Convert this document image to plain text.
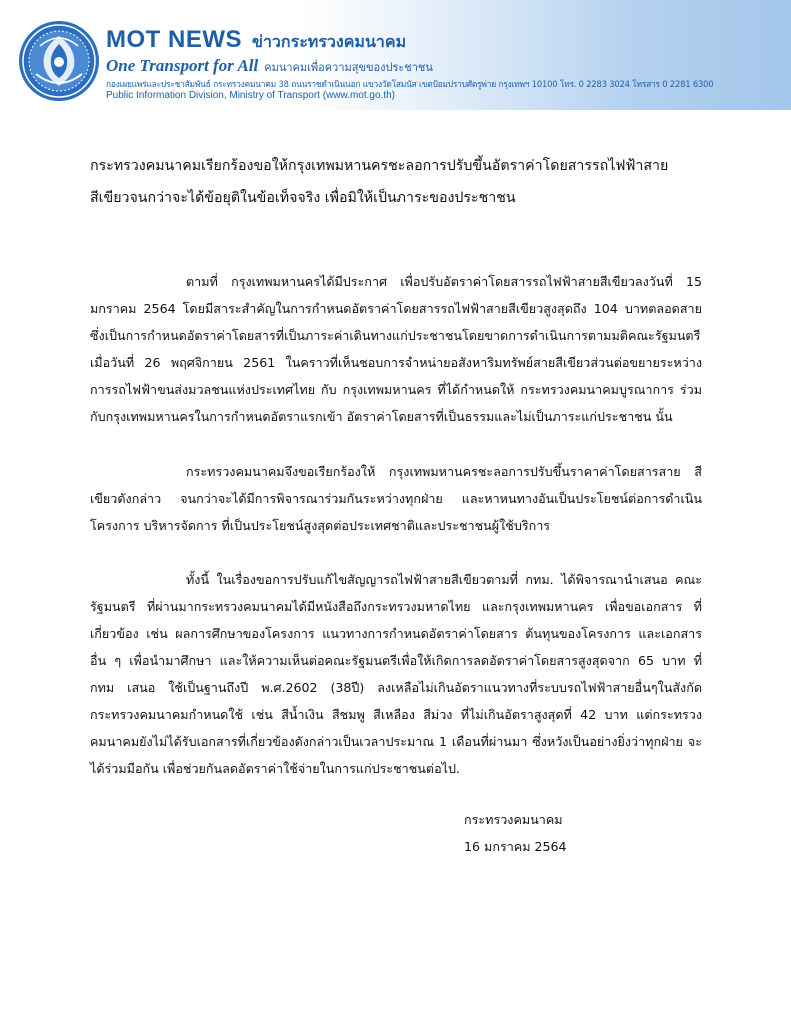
MOT NEWS ข่าวกระทรวงคมนาคม
One Transport for All คมนาคมเพื่อความสุขของประชาชน
กองเผยแพร่และประชาสัมพันธ์ กระทรวงคมนาคม 38 ถนนราชดำเนินนอก แขวงวัดโสมนัส เขตป้อมปราบศัตรูพ่าย กรุงเทพฯ 10100 โทร. 0 2283 3024 โทรสาร 0 2281 6300
Public Information Division, Ministry of Transport (www.mot.go.th)
กระทรวงคมนาคมเรียกร้องขอให้กรุงเทพมหานครชะลอการปรับขึ้นอัตราค่าโดยสารรถไฟฟ้าสาย
สีเขียวจนกว่าจะได้ข้อยุติในข้อเท็จจริง เพื่อมิให้เป็นภาระของประชาชน

ตามที่ กรุงเทพมหานครได้มีประกาศ เพื่อปรับอัตราค่าโดยสารรถไฟฟ้าสายสีเขียวลงวันที่ 15 มกราคม 2564 โดยมีสาระสำคัญในการกำหนดอัตราค่าโดยสารรถไฟฟ้าสายสีเขียวสูงสุดถึง 104 บาทตลอดสาย ซึ่งเป็นการกำหนดอัตราค่าโดยสารที่เป็นภาระค่าเดินทางแก่ประชาชนโดยขาดการดำเนินการตามมติคณะรัฐมนตรี เมื่อวันที่ 26 พฤศจิกายน 2561 ในคราวที่เห็นชอบการจำหน่ายอสังหาริมทรัพย์สายสีเขียวส่วนต่อขยายระหว่าง การรถไฟฟ้าขนส่งมวลชนแห่งประเทศไทย กับ กรุงเทพมหานคร ที่ได้กำหนดให้ กระทรวงคมนาคมบูรณาการ ร่วมกับกรุงเทพมหานครในการกำหนดอัตราแรกเข้า อัตราค่าโดยสารที่เป็นธรรมและไม่เป็นภาระแก่ประชาชน นั้น

กระทรวงคมนาคมจึงขอเรียกร้องให้ กรุงเทพมหานครชะลอการปรับขึ้นราคาค่าโดยสารสาย สีเขียวดังกล่าว จนกว่าจะได้มีการพิจารณาร่วมกันระหว่างทุกฝ่าย และหาหนทางอันเป็นประโยชน์ต่อการดำเนิน โครงการ บริหารจัดการ ที่เป็นประโยชน์สูงสุดต่อประเทศชาติและประชาชนผู้ใช้บริการ

ทั้งนี้ ในเรื่องขอการปรับแก้ไขสัญญารถไฟฟ้าสายสีเขียวตามที่ กทม. ได้พิจารณานำเสนอ คณะรัฐมนตรี ที่ผ่านมากระทรวงคมนาคมได้มีหนังสือถึงกระทรวงมหาดไทย และกรุงเทพมหานคร เพื่อขอเอกสาร ที่เกี่ยวข้อง เช่น ผลการศึกษาของโครงการ แนวทางการกำหนดอัตราค่าโดยสาร ต้นทุนของโครงการ และเอกสาร อื่น ๆ เพื่อนำมาศึกษา และให้ความเห็นต่อคณะรัฐมนตรีเพื่อให้เกิดการลดอัตราค่าโดยสารสูงสุดจาก 65 บาท ที่ กทม เสนอ ใช้เป็นฐานถึงปี พ.ศ.2602 (38ปี) ลงเหลือไม่เกินอัตราแนวทางที่ระบบรถไฟฟ้าสายอื่นๆในสังกัด กระทรวงคมนาคมกำหนดใช้ เช่น สีน้ำเงิน สีชมพู สีเหลือง สีม่วง ที่ไม่เกินอัตราสูงสุดที่ 42 บาท แต่กระทรวง คมนาคมยังไม่ได้รับเอกสารที่เกี่ยวข้องดังกล่าวเป็นเวลาประมาณ 1 เดือนที่ผ่านมา ซึ่งหวังเป็นอย่างยิ่งว่าทุกฝ่าย จะได้ร่วมมือกัน เพื่อช่วยกันลดอัตราค่าใช้จ่ายในการแก่ประชาชนต่อไป.

กระทรวงคมนาคม
16 มกราคม 2564
